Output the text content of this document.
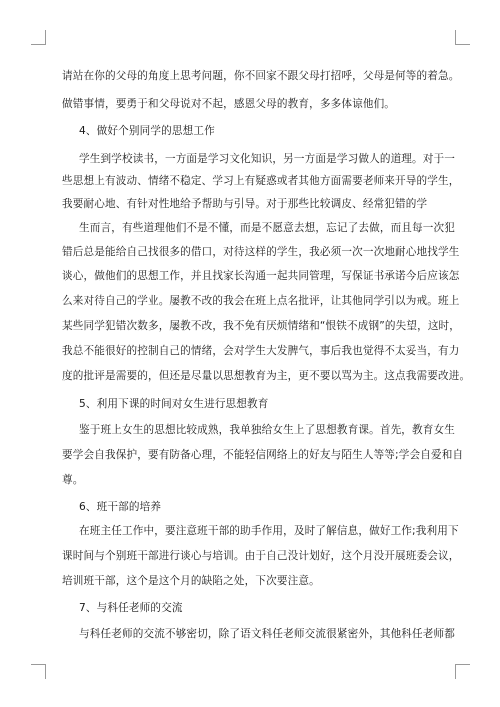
请站在你的父母的角度上思考问题，你不回家不跟父母打招呼，父母是何等的着急。
做错事情，要勇于和父母说对不起，感恩父母的教育，多多体谅他们。
4、做好个别同学的思想工作
学生到学校读书，一方面是学习文化知识，另一方面是学习做人的道理。对于一
些思想上有波动、情绪不稳定、学习上有疑惑或者其他方面需要老师来开导的学生，
我要耐心地、有针对性地给予帮助与引导。对于那些比较调皮、经常犯错的学
生而言，有些道理他们不是不懂，而是不愿意去想，忘记了去做，而且每一次犯
错后总是能给自己找很多的借口，对待这样的学生，我必须一次一次地耐心地找学生
谈心，做他们的思想工作，并且找家长沟通一起共同管理，写保证书承诺今后应该怎
么来对待自己的学业。屡教不改的我会在班上点名批评，让其他同学引以为戒。班上
某些同学犯错次数多，屡教不改，我不免有厌烦情绪和“恨铁不成钢”的失望，这时，
我总不能很好的控制自己的情绪，会对学生大发脾气，事后我也觉得不太妥当，有力
度的批评是需要的，但还是尽量以思想教育为主，更不要以骂为主。这点我需要改进。
5、利用下课的时间对女生进行思想教育
鉴于班上女生的思想比较成熟，我单独给女生上了思想教育课。首先，教育女生
要学会自我保护，要有防备心理，不能轻信网络上的好友与陌生人等等;学会自爱和自
尊。
6、班干部的培养
在班主任工作中，要注意班干部的助手作用，及时了解信息，做好工作;我利用下
课时间与个别班干部进行谈心与培训。由于自己没计划好，这个月没开展班委会议，
培训班干部，这个是这个月的缺陷之处，下次要注意。
7、与科任老师的交流
与科任老师的交流不够密切，除了语文科任老师交流很紧密外，其他科任老师都
